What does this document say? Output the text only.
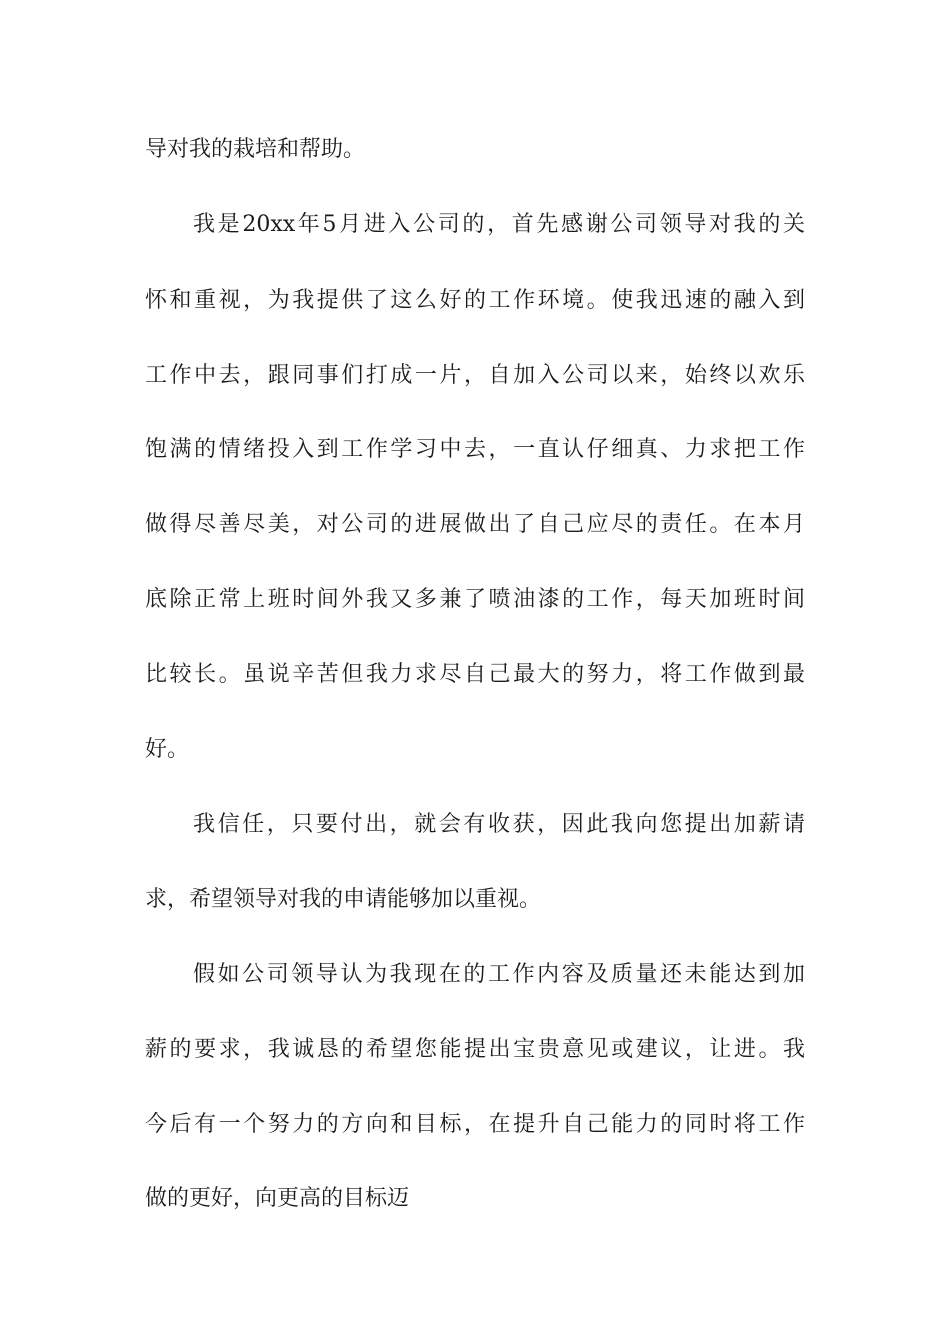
导对我的栽培和帮助。
我是20xx年5月进入公司的，首先感谢公司领导对我的关
怀和重视，为我提供了这么好的工作环境。使我迅速的融入到
工作中去，跟同事们打成一片，自加入公司以来，始终以欢乐
饱满的情绪投入到工作学习中去，一直认仔细真、力求把工作
做得尽善尽美，对公司的进展做出了自己应尽的责任。在本月
底除正常上班时间外我又多兼了喷油漆的工作，每天加班时间
比较长。虽说辛苦但我力求尽自己最大的努力，将工作做到最
好。
我信任，只要付出，就会有收获，因此我向您提出加薪请
求，希望领导对我的申请能够加以重视。
假如公司领导认为我现在的工作内容及质量还未能达到加
薪的要求，我诚恳的希望您能提出宝贵意见或建议，让进。我
今后有一个努力的方向和目标，在提升自己能力的同时将工作
做的更好，向更高的目标迈
